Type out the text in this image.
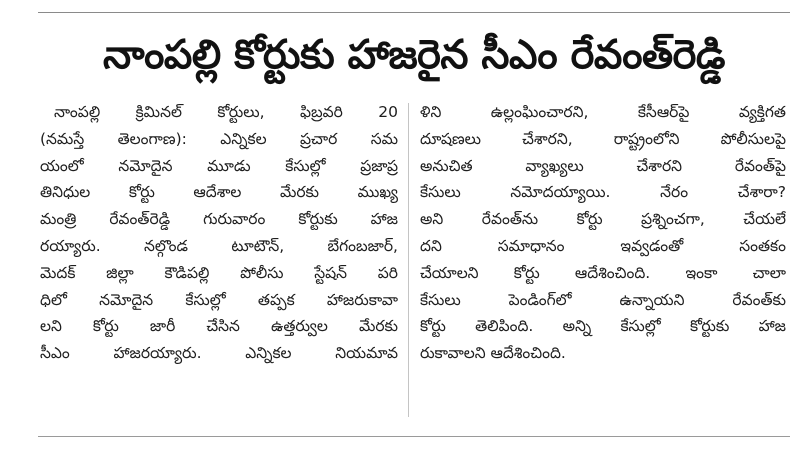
నాంపల్లి కోర్టుకు హాజరైన సీఎం రేవంత్‌రెడ్డి
నాంపల్లి క్రిమినల్ కోర్టులు, ఫిబ్రవరి 20
(నమస్తే తెలంగాణ): ఎన్నికల ప్రచార సమ
యంలో నమోదైన మూడు కేసుల్లో ప్రజాప్ర
తినిధుల కోర్టు ఆదేశాల మేరకు ముఖ్య
మంత్రి రేవంత్‌రెడ్డి గురువారం కోర్టుకు హాజ
రయ్యారు. నల్గొండ టూటౌన్, బేగంబజార్,
మెదక్ జిల్లా కౌడిపల్లి పోలీసు స్టేషన్ పరి
ధిలో నమోదైన కేసుల్లో తప్పక హాజరుకావా
లని కోర్టు జారీ చేసిన ఉత్తర్వుల మేరకు
సీఎం హాజరయ్యారు. ఎన్నికల నియమావ
ళిని ఉల్లంఘించారని, కేసీఆర్‌పై వ్యక్తిగత
దూషణలు చేశారని, రాష్ట్రంలోని పోలీసులపై
అనుచిత వ్యాఖ్యలు చేశారని రేవంత్‌పై
కేసులు నమోదయ్యాయి. నేరం చేశారా?
అని రేవంత్‌ను కోర్టు ప్రశ్నించగా, చేయలే
దని సమాధానం ఇవ్వడంతో సంతకం
చేయాలని కోర్టు ఆదేశించింది. ఇంకా చాలా
కేసులు పెండింగ్‌లో ఉన్నాయని రేవంత్‌కు
కోర్టు తెలిపింది. అన్ని కేసుల్లో కోర్టుకు హాజ
రుకావాలని ఆదేశించింది.
